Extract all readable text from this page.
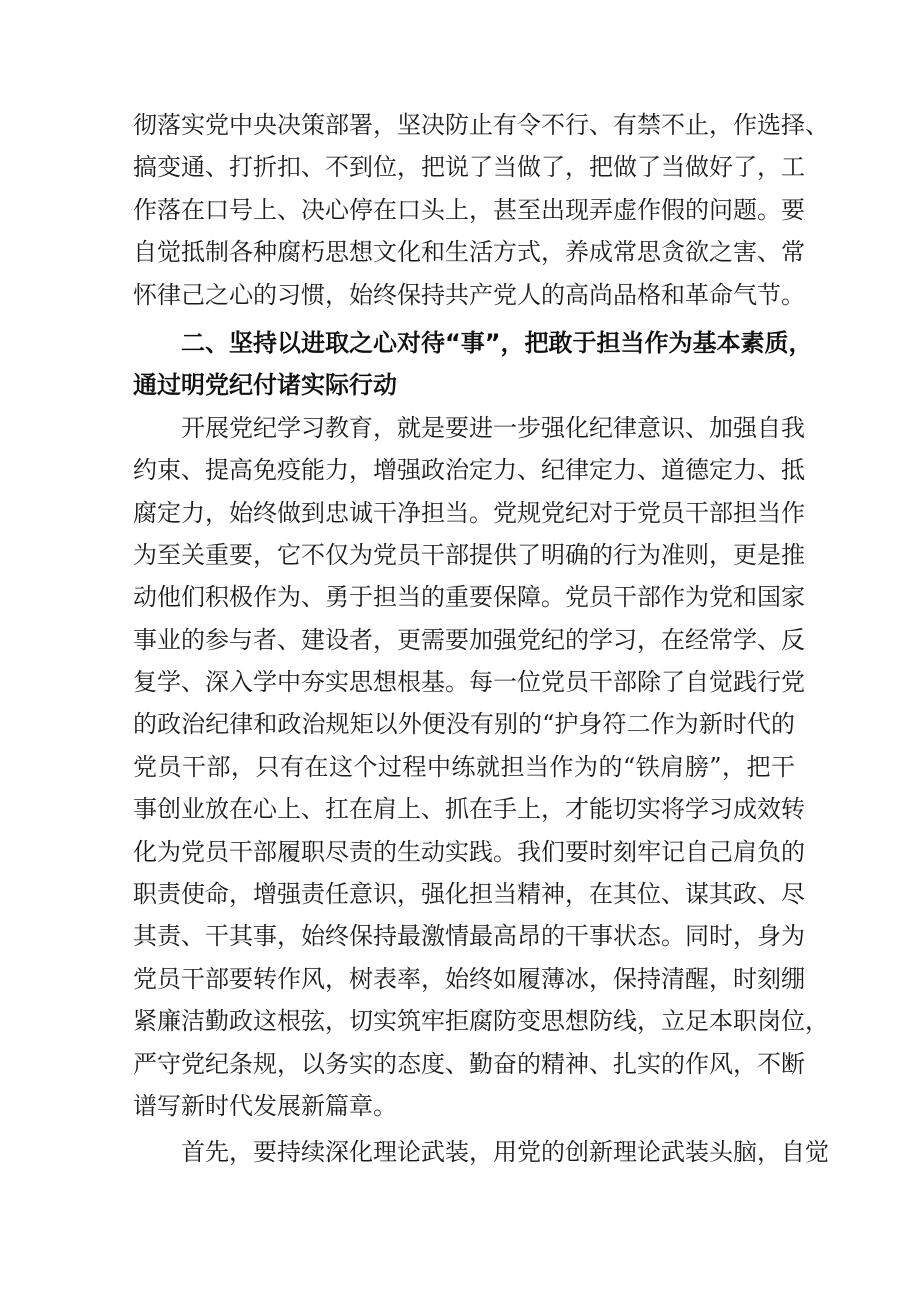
彻落实党中央决策部署，坚决防止有令不行、有禁不止，作选择、
搞变通、打折扣、不到位，把说了当做了，把做了当做好了，工
作落在口号上、决心停在口头上，甚至出现弄虚作假的问题。要
自觉抵制各种腐朽思想文化和生活方式，养成常思贪欲之害、常
怀律己之心的习惯，始终保持共产党人的高尚品格和革命气节。
二、坚持以进取之心对待“事”，把敢于担当作为基本素质，
通过明党纪付诸实际行动
开展党纪学习教育，就是要进一步强化纪律意识、加强自我
约束、提高免疫能力，增强政治定力、纪律定力、道德定力、抵
腐定力，始终做到忠诚干净担当。党规党纪对于党员干部担当作
为至关重要，它不仅为党员干部提供了明确的行为准则，更是推
动他们积极作为、勇于担当的重要保障。党员干部作为党和国家
事业的参与者、建设者，更需要加强党纪的学习，在经常学、反
复学、深入学中夯实思想根基。每一位党员干部除了自觉践行党
的政治纪律和政治规矩以外便没有别的“护身符二作为新时代的
党员干部，只有在这个过程中练就担当作为的“铁肩膀”，把干
事创业放在心上、扛在肩上、抓在手上，才能切实将学习成效转
化为党员干部履职尽责的生动实践。我们要时刻牢记自己肩负的
职责使命，增强责任意识，强化担当精神，在其位、谋其政、尽
其责、干其事，始终保持最激情最高昂的干事状态。同时，身为
党员干部要转作风，树表率，始终如履薄冰，保持清醒，时刻绷
紧廉洁勤政这根弦，切实筑牢拒腐防变思想防线，立足本职岗位，
严守党纪条规，以务实的态度、勤奋的精神、扎实的作风，不断
谱写新时代发展新篇章。
首先，要持续深化理论武装，用党的创新理论武装头脑，自觉
